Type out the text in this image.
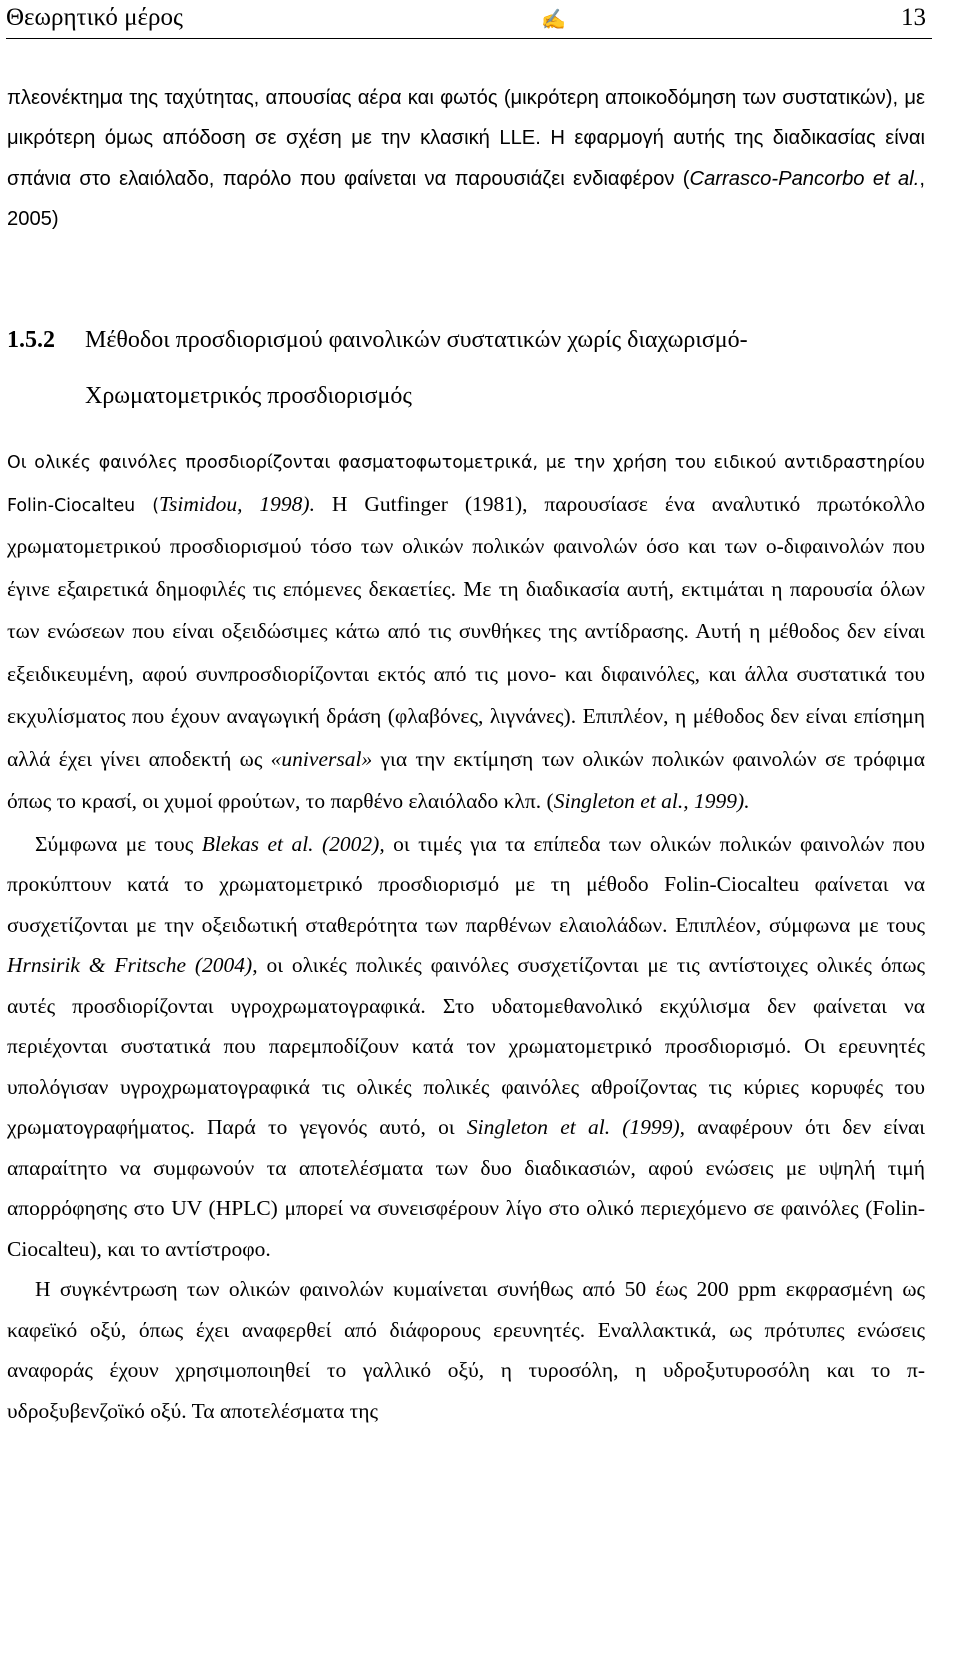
Θεωρητικό μέρος	✍	13

πλεονέκτημα της ταχύτητας, απουσίας αέρα και φωτός (μικρότερη αποικοδόμηση των συστατικών), με μικρότερη όμως απόδοση σε σχέση με την κλασική LLE. Η εφαρμογή αυτής της διαδικασίας είναι σπάνια στο ελαιόλαδο, παρόλο που φαίνεται να παρουσιάζει ενδιαφέρον (Carrasco-Pancorbo et al., 2005)

1.5.2 Μέθοδοι προσδιορισμού φαινολικών συστατικών χωρίς διαχωρισμό-
Χρωματομετρικός προσδιορισμός

Οι ολικές φαινόλες προσδιορίζονται φασματοφωτομετρικά, με την χρήση του ειδικού αντιδραστηρίου Folin-Ciocalteu (Tsimidou, 1998). Η Gutfinger (1981), παρουσίασε ένα αναλυτικό πρωτόκολλο χρωματομετρικού προσδιορισμού τόσο των ολικών πολικών φαινολών όσο και των ο-διφαινολών που έγινε εξαιρετικά δημοφιλές τις επόμενες δεκαετίες. Με τη διαδικασία αυτή, εκτιμάται η παρουσία όλων των ενώσεων που είναι οξειδώσιμες κάτω από τις συνθήκες της αντίδρασης. Αυτή η μέθοδος δεν είναι εξειδικευμένη, αφού συνπροσδιορίζονται εκτός από τις μονο- και διφαινόλες, και άλλα συστατικά του εκχυλίσματος που έχουν αναγωγική δράση (φλαβόνες, λιγνάνες). Επιπλέον, η μέθοδος δεν είναι επίσημη αλλά έχει γίνει αποδεκτή ως «universal» για την εκτίμηση των ολικών πολικών φαινολών σε τρόφιμα όπως το κρασί, οι χυμοί φρούτων, το παρθένο ελαιόλαδο κλπ. (Singleton et al., 1999).

Σύμφωνα με τους Blekas et al. (2002), οι τιμές για τα επίπεδα των ολικών πολικών φαινολών που προκύπτουν κατά το χρωματομετρικό προσδιορισμό με τη μέθοδο Folin-Ciocalteu φαίνεται να συσχετίζονται με την οξειδωτική σταθερότητα των παρθένων ελαιολάδων. Επιπλέον, σύμφωνα με τους Hrnsirik & Fritsche (2004), οι ολικές πολικές φαινόλες συσχετίζονται με τις αντίστοιχες ολικές όπως αυτές προσδιορίζονται υγροχρωματογραφικά. Στο υδατομεθανολικό εκχύλισμα δεν φαίνεται να περιέχονται συστατικά που παρεμποδίζουν κατά τον χρωματομετρικό προσδιορισμό. Οι ερευνητές υπολόγισαν υγροχρωματογραφικά τις ολικές πολικές φαινόλες αθροίζοντας τις κύριες κορυφές του χρωματογραφήματος. Παρά το γεγονός αυτό, οι Singleton et al. (1999), αναφέρουν ότι δεν είναι απαραίτητο να συμφωνούν τα αποτελέσματα των δυο διαδικασιών, αφού ενώσεις με υψηλή τιμή απορρόφησης στο UV (HPLC) μπορεί να συνεισφέρουν λίγο στο ολικό περιεχόμενο σε φαινόλες (Folin-Ciocalteu), και το αντίστροφο.

Η συγκέντρωση των ολικών φαινολών κυμαίνεται συνήθως από 50 έως 200 ppm εκφρασμένη ως καφεϊκό οξύ, όπως έχει αναφερθεί από διάφορους ερευνητές. Εναλλακτικά, ως πρότυπες ενώσεις αναφοράς έχουν χρησιμοποιηθεί το γαλλικό οξύ, η τυροσόλη, η υδροξυτυροσόλη και το π-υδροξυβενζοϊκό οξύ. Τα αποτελέσματα της
